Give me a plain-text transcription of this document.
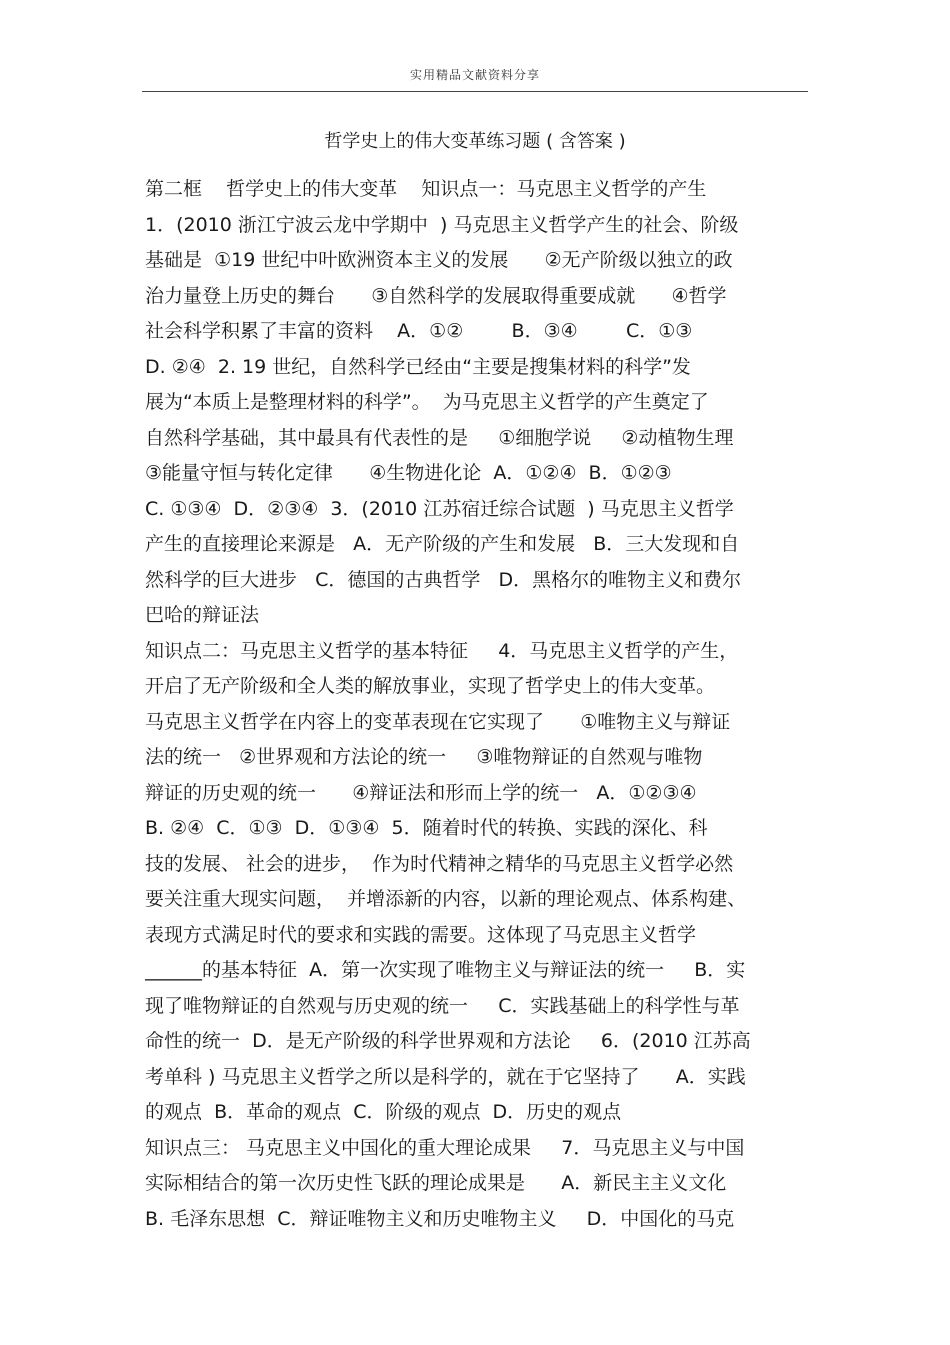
实用精品文献资料分享
哲学史上的伟大变革练习题 ( 含答案 )
第二框    哲学史上的伟大变革    知识点一：马克思主义哲学的产生
1．(2010 浙江宁波云龙中学期中  ) 马克思主义哲学产生的社会、阶级
基础是  ①19 世纪中叶欧洲资本主义的发展      ②无产阶级以独立的政
治力量登上历史的舞台      ③自然科学的发展取得重要成就      ④哲学
社会科学积累了丰富的资料    A．①②        B．③④        C．①③
D. ②④  2. 19 世纪，自然科学已经由“主要是搜集材料的科学”发
展为“本质上是整理材料的科学”。  为马克思主义哲学的产生奠定了
自然科学基础，其中最具有代表性的是     ①细胞学说     ②动植物生理
③能量守恒与转化定律      ④生物进化论  A．①②④  B．①②③
C. ①③④  D．②③④  3．(2010 江苏宿迁综合试题  ) 马克思主义哲学
产生的直接理论来源是   A．无产阶级的产生和发展   B．三大发现和自
然科学的巨大进步   C．德国的古典哲学   D．黑格尔的唯物主义和费尔
巴哈的辩证法
知识点二：马克思主义哲学的基本特征     4．马克思主义哲学的产生，
开启了无产阶级和全人类的解放事业，实现了哲学史上的伟大变革。
马克思主义哲学在内容上的变革表现在它实现了      ①唯物主义与辩证
法的统一   ②世界观和方法论的统一     ③唯物辩证的自然观与唯物
辩证的历史观的统一      ④辩证法和形而上学的统一   A．①②③④
B. ②④  C．①③  D．①③④  5．随着时代的转换、实践的深化、科
技的发展、 社会的进步，  作为时代精神之精华的马克思主义哲学必然
要关注重大现实问题，  并增添新的内容，以新的理论观点、体系构建、
表现方式满足时代的要求和实践的需要。这体现了马克思主义哲学
______的基本特征  A．第一次实现了唯物主义与辩证法的统一     B．实
现了唯物辩证的自然观与历史观的统一     C．实践基础上的科学性与革
命性的统一  D．是无产阶级的科学世界观和方法论     6．(2010 江苏高
考单科 ) 马克思主义哲学之所以是科学的，就在于它坚持了      A．实践
的观点  B．革命的观点  C．阶级的观点  D．历史的观点
知识点三： 马克思主义中国化的重大理论成果     7．马克思主义与中国
实际相结合的第一次历史性飞跃的理论成果是      A．新民主主义文化
B. 毛泽东思想  C．辩证唯物主义和历史唯物主义     D．中国化的马克
